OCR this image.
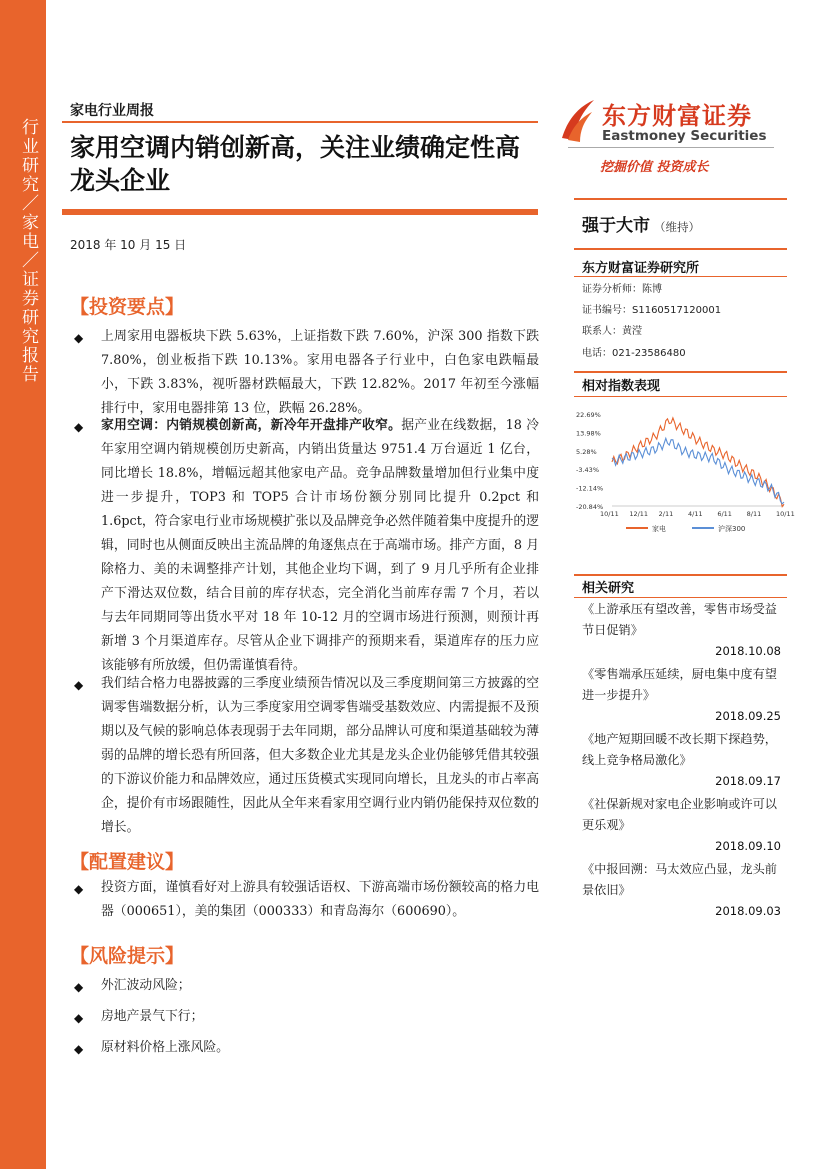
行业研究／家电／证券研究报告
家电行业周报
家用空调内销创新高，关注业绩确定性高龙头企业
2018 年 10 月 15 日
东方财富证券
Eastmoney Securities
挖掘价值 投资成长
【投资要点】
◆ 上周家用电器板块下跌 5.63%，上证指数下跌 7.60%，沪深 300 指数下跌 7.80%，创业板指下跌 10.13%。家用电器各子行业中，白色家电跌幅最小，下跌 3.83%，视听器材跌幅最大，下跌 12.82%。2017 年初至今涨幅排行中，家用电器排第 13 位，跌幅 26.28%。
◆ 家用空调：内销规模创新高，新冷年开盘排产收窄。据产业在线数据，18 冷年家用空调内销规模创历史新高，内销出货量达 9751.4 万台逼近 1 亿台，同比增长 18.8%，增幅远超其他家电产品。竞争品牌数量增加但行业集中度进一步提升，TOP3 和 TOP5 合计市场份额分别同比提升 0.2pct 和 1.6pct，符合家电行业市场规模扩张以及品牌竞争必然伴随着集中度提升的逻辑，同时也从侧面反映出主流品牌的角逐焦点在于高端市场。排产方面，8 月除格力、美的未调整排产计划，其他企业均下调，到了 9 月几乎所有企业排产下滑达双位数，结合目前的库存状态，完全消化当前库存需 7 个月，若以与去年同期同等出货水平对 18 年 10-12 月的空调市场进行预测，则预计再新增 3 个月渠道库存。尽管从企业下调排产的预期来看，渠道库存的压力应该能够有所放缓，但仍需谨慎看待。
◆ 我们结合格力电器披露的三季度业绩预告情况以及三季度期间第三方披露的空调零售端数据分析，认为三季度家用空调零售端受基数效应、内需提振不及预期以及气候的影响总体表现弱于去年同期，部分品牌认可度和渠道基础较为薄弱的品牌的增长恐有所回落，但大多数企业尤其是龙头企业仍能够凭借其较强的下游议价能力和品牌效应，通过压货模式实现同向增长，且龙头的市占率高企，提价有市场跟随性，因此从全年来看家用空调行业内销仍能保持双位数的增长。
【配置建议】
◆ 投资方面，谨慎看好对上游具有较强话语权、下游高端市场份额较高的格力电器（000651），美的集团（000333）和青岛海尔（600690）。
【风险提示】
◆ 外汇波动风险；
◆ 房地产景气下行；
◆ 原材料价格上涨风险。
强于大市 （维持）
东方财富证券研究所
证券分析师：陈博
证书编号：S1160517120001
联系人：黄滢
电话：021-23586480
相对指数表现
22.69%
13.98%
5.28%
-3.43%
-12.14%
-20.84%
10/11 12/11 2/11 4/11 6/11 8/11 10/11
家电	沪深300
相关研究
《上游承压有望改善，零售市场受益节日促销》
2018.10.08
《零售端承压延续，厨电集中度有望进一步提升》
2018.09.25
《地产短期回暖不改长期下探趋势，线上竞争格局激化》
2018.09.17
《社保新规对家电企业影响或许可以更乐观》
2018.09.10
《中报回溯：马太效应凸显，龙头前景依旧》
2018.09.03
